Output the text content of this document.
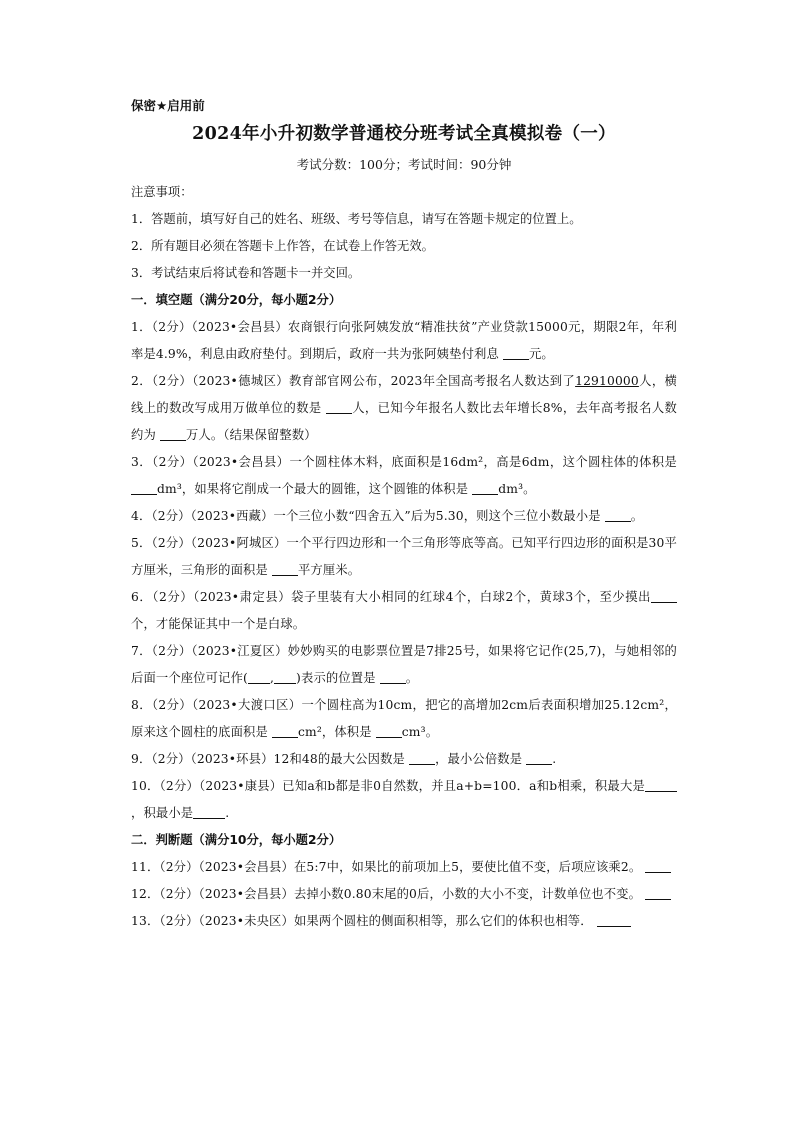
保密★启用前
2024年小升初数学普通校分班考试全真模拟卷（一）
考试分数：100分；考试时间：90分钟

注意事项：

1．答题前，填写好自己的姓名、班级、考号等信息，请写在答题卡规定的位置上。

2．所有题目必须在答题卡上作答，在试卷上作答无效。

3．考试结束后将试卷和答题卡一并交回。

一．填空题（满分20分，每小题2分）

1．（2分）（2023•会昌县）农商银行向张阿姨发放“精准扶贫”产业贷款15000元，期限2年，年利率是4.9%，利息由政府垫付。到期后，政府一共为张阿姨垫付利息 元。

2．（2分）（2023•德城区）教育部官网公布，2023年全国高考报名人数达到了12910000人，横线上的数改写成用万做单位的数是 人，已知今年报名人数比去年增长8%，去年高考报名人数约为 万人。（结果保留整数）

3．（2分）（2023•会昌县）一个圆柱体木料，底面积是16dm²，高是6dm，这个圆柱体的体积是 dm³，如果将它削成一个最大的圆锥，这个圆锥的体积是 dm³。

4．（2分）（2023•西藏）一个三位小数“四舍五入”后为5.30，则这个三位小数最小是 。

5．（2分）（2023•阿城区）一个平行四边形和一个三角形等底等高。已知平行四边形的面积是30平方厘米，三角形的面积是 平方厘米。

6．（2分）（2023•肃定县）袋子里装有大小相同的红球4个，白球2个，黄球3个，至少摸出个，才能保证其中一个是白球。

7．（2分）（2023•江夏区）妙妙购买的电影票位置是7排25号，如果将它记作(25,7)，与她相邻的后面一个座位可记作( , )表示的位置是 。

8．（2分）（2023•大渡口区）一个圆柱高为10cm，把它的高增加2cm后表面积增加25.12cm²，原来这个圆柱的底面积是 cm²，体积是 cm³。

9．（2分）（2023•环县）12和48的最大公因数是 ，最小公倍数是 .

10．（2分）（2023•康县）已知a和b都是非0自然数，并且a+b=100．a和b相乘，积最大是，积最小是	.

二．判断题（满分10分，每小题2分）

11．（2分）（2023•会昌县）在5:7中，如果比的前项加上5，要使比值不变，后项应该乘2。

12．（2分）（2023•会昌县）去掉小数0.80末尾的0后，小数的大小不变，计数单位也不变。

13．（2分）（2023•未央区）如果两个圆柱的侧面积相等，那么它们的体积也相等．
